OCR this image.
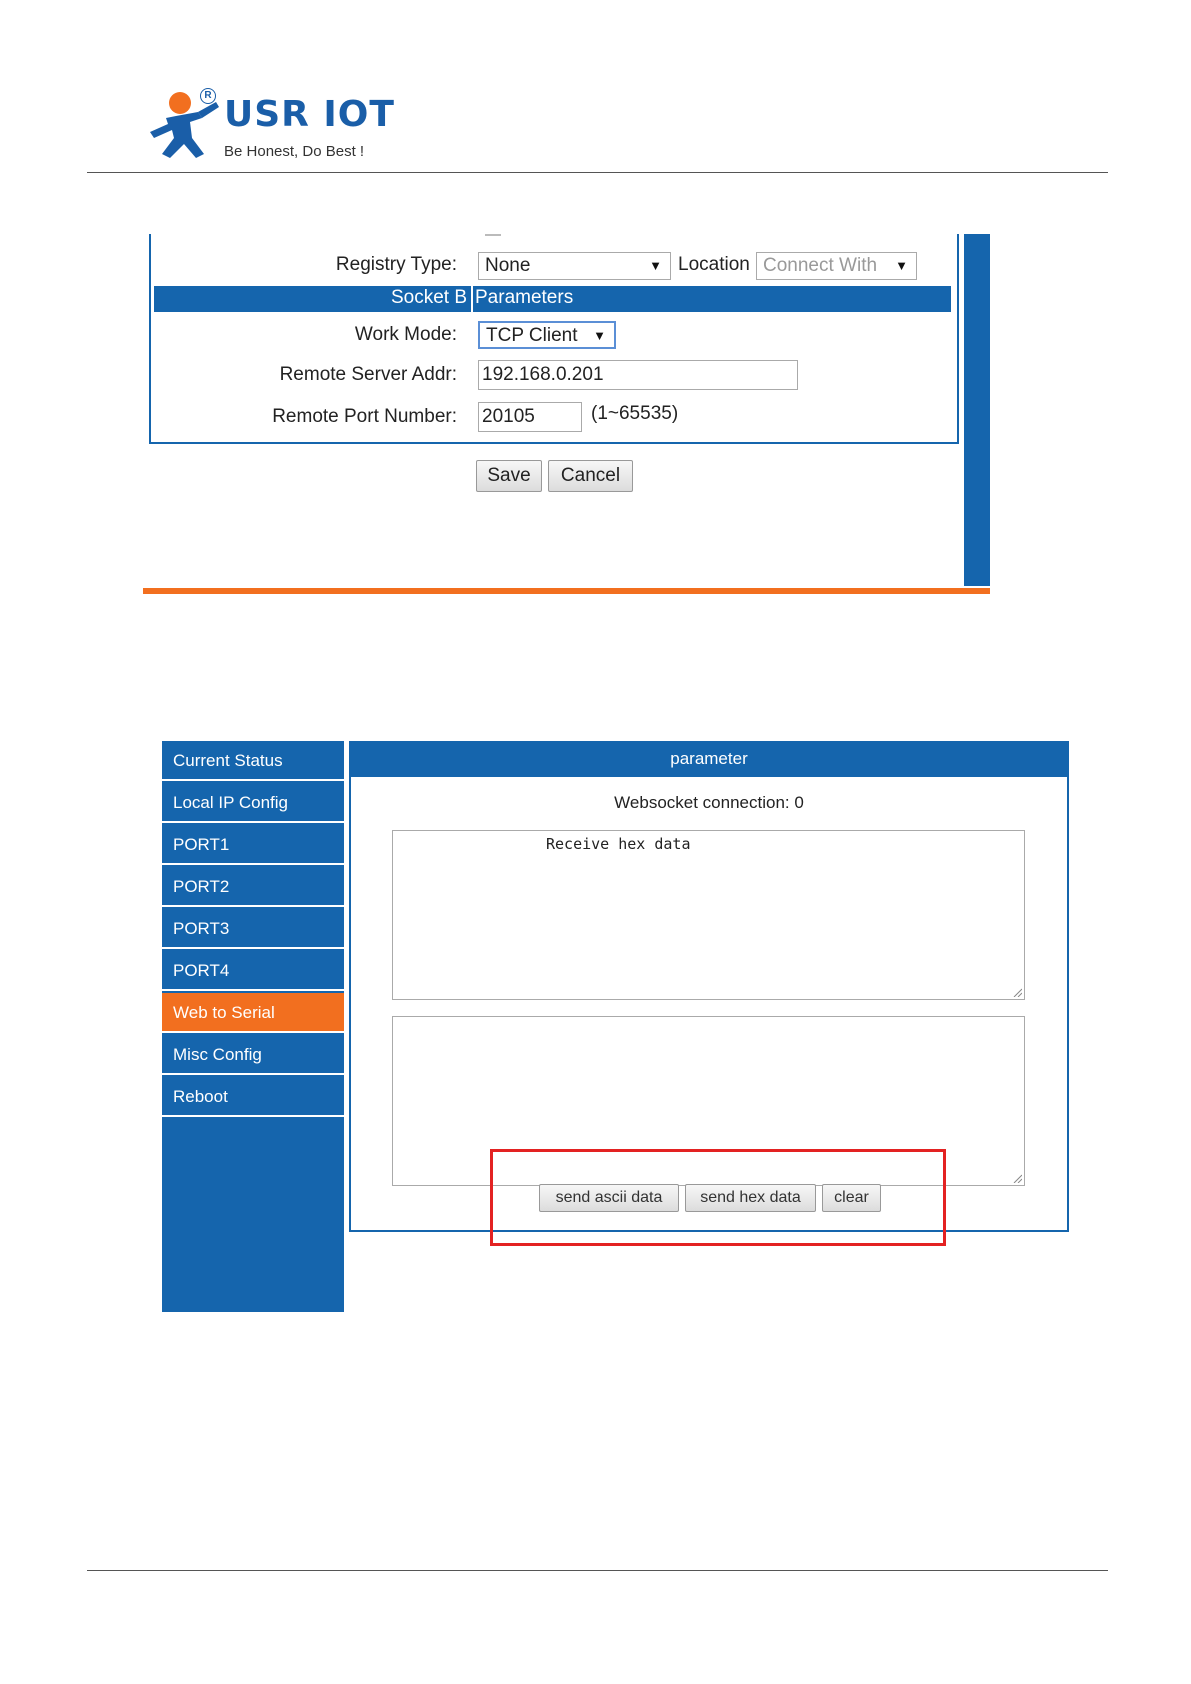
R USR IOT
Be Honest, Do Best !
Registry Type:	None	▼ Location Connect With ▼
Socket B Parameters
Work Mode:	TCP Client ▼
Remote Server Addr: 192.168.0.201
Remote Port Number: 20105	(1~65535)
Save	Cancel
Current Status
Local IP Config
PORT1
PORT2
PORT3
PORT4
Web to Serial
Misc Config
Reboot
parameter
Websocket connection: 0
Receive hex data
send ascii data	send hex data	clear
